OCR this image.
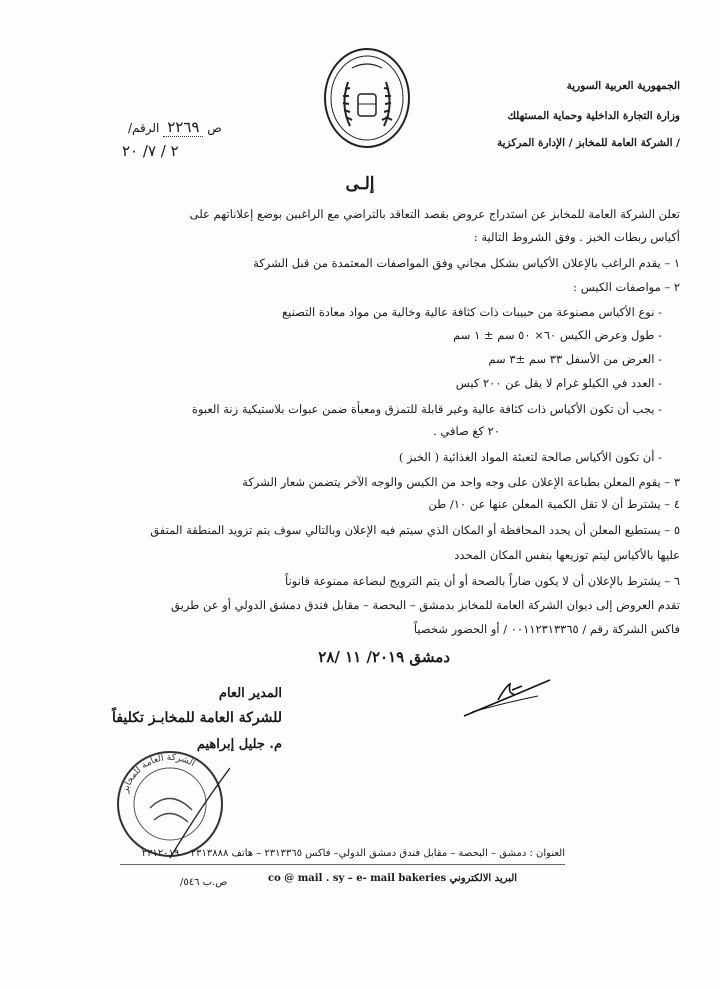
الجمهورية العربية السورية
وزارة التجارة الداخلية وحماية المستهلك
الشركة العامة للمخابز / الإدارة المركزية /
/ص ٢٢٦٩ الرقم
٢ / ٧/ ٢٠
إلـى
تعلن الشركة العامة للمخابز عن استدراج عروض بقصد التعاقد بالتراضي مع الراغبين بوضع إعلاناتهم على
أكياس ربطات الخبز . وفق الشروط التالية :
١ – يقدم الراغب بالإعلان الأكياس بشكل مجاني وفق المواصفات المعتمدة من قبل الشركة
٢ – مواصفات الكيس :
- نوع الأكياس مصنوعة من حبيبات ذات كثافة عالية وخالية من مواد معادة التصنيع
- طول وعرض الكيس ٦٠× ٥٠ سم ± ١ سم
- العرض من الأسفل ٣٣ سم ±٣ سم
- العدد في الكيلو غرام لا يقل عن ٢٠٠ كيس
- يجب أن تكون الأكياس ذات كثافة عالية وغير قابلة للتمزق ومعبأة ضمن عبوات بلاستيكية زنة العبوة
٢٠ كغ صافي .
- أن تكون الأكياس صالحة لتعبئة المواد الغذائية ( الخبز )
٣ – يقوم المعلن بطباعة الإعلان على وجه واحد من الكيس والوجه الآخر يتضمن شعار الشركة
٤ – يشترط أن لا تقل الكمية المعلن عنها عن ١٠/ طن
٥ – يستطيع المعلن أن يحدد المحافظة أو المكان الذي سيتم فيه الإعلان وبالتالي سوف يتم تزويد المنطقة المتفق
عليها بالأكياس ليتم توزيعها بنفس المكان المحدد
٦ – يشترط بالإعلان أن لا يكون ضاراً بالصحة أو أن يتم الترويج لبضاعة ممنوعة قانوناً
تقدم العروض إلى ديوان الشركة العامة للمخابز بدمشق – البحصة – مقابل فندق دمشق الدولي أو عن طريق
فاكس الشركة رقم / ٠٠١١٢٣١٣٣٦٥ / أو الحضور شخصياً
دمشق ٢٠١٩/ ١١ /٢٨
المدير العام
للشركة العامة للمخابـز تكليفاً
م. جليل إبراهيم
الشركة العامة للمخابز
العنوان : دمشق – البحصة – مقابل فندق دمشق الدولي– فاكس ٢٣١٣٣٦٥ – هاتف ٢٣١٣٨٨٨ – ٢٣١٢٠١٩
البريد الالكتروني co @ mail . sy – e- mail bakeries
ص.ب ٥٤٦/
